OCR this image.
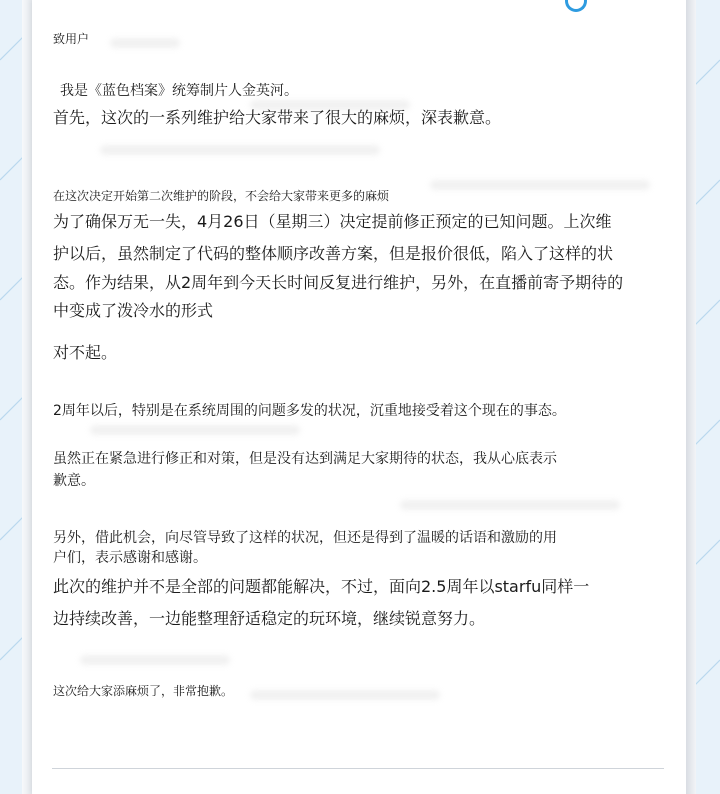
致用户

我是《蓝色档案》统筹制片人金英河。

首先，这次的一系列维护给大家带来了很大的麻烦，深表歉意。

在这次决定开始第二次维护的阶段，不会给大家带来更多的麻烦

为了确保万无一失，4月26日（星期三）决定提前修正预定的已知问题。上次维

护以后，虽然制定了代码的整体顺序改善方案，但是报价很低，陷入了这样的状

态。作为结果，从2周年到今天长时间反复进行维护，另外，在直播前寄予期待的

中变成了泼冷水的形式

对不起。

2周年以后，特别是在系统周围的问题多发的状况，沉重地接受着这个现在的事态。

虽然正在紧急进行修正和对策，但是没有达到满足大家期待的状态，我从心底表示

歉意。

另外，借此机会，向尽管导致了这样的状况，但还是得到了温暖的话语和激励的用

户们，表示感谢和感谢。

此次的维护并不是全部的问题都能解决，不过，面向2.5周年以starfu同样一

边持续改善，一边能整理舒适稳定的玩环境，继续锐意努力。

这次给大家添麻烦了，非常抱歉。
